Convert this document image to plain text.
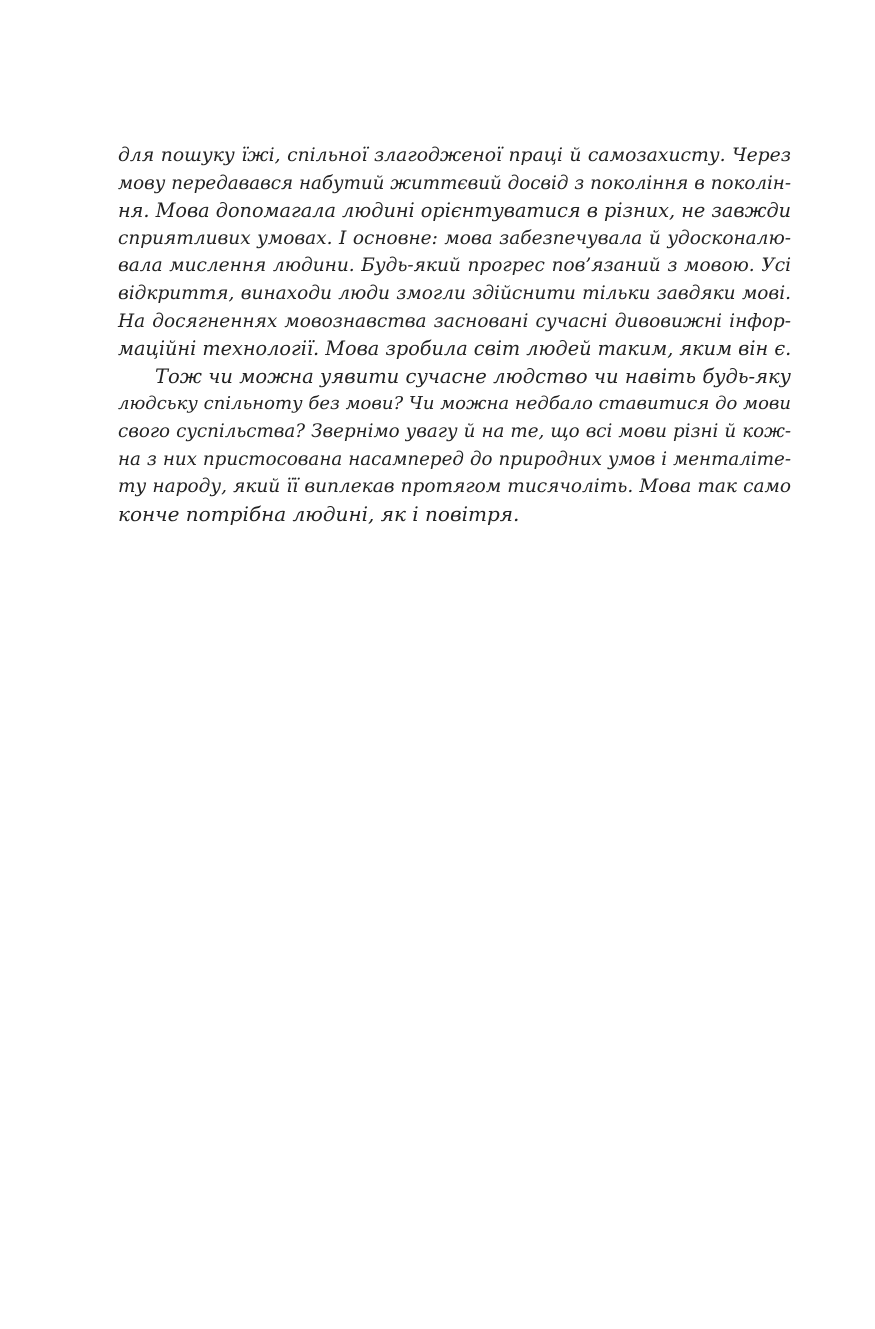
для пошуку їжі, спільної злагодженої праці й самозахисту. Через
мову передавався набутий життєвий досвід з покоління в поколін-
ня. Мова допомагала людині орієнтуватися в різних, не завжди
сприятливих умовах. І основне: мова забезпечувала й удосконалю-
вала мислення людини. Будь-який прогрес пов’язаний з мовою. Усі
відкриття, винаходи люди змогли здійснити тільки завдяки мові.
На досягненнях мовознавства засновані сучасні дивовижні інфор-
маційні технології. Мова зробила світ людей таким, яким він є.
Тож чи можна уявити сучасне людство чи навіть будь-яку
людську спільноту без мови? Чи можна недбало ставитися до мови
свого суспільства? Звернімо увагу й на те, що всі мови різні й кож-
на з них пристосована насамперед до природних умов і менталіте-
ту народу, який її виплекав протягом тисячоліть. Мова так само
конче потрібна людині, як і повітря.
